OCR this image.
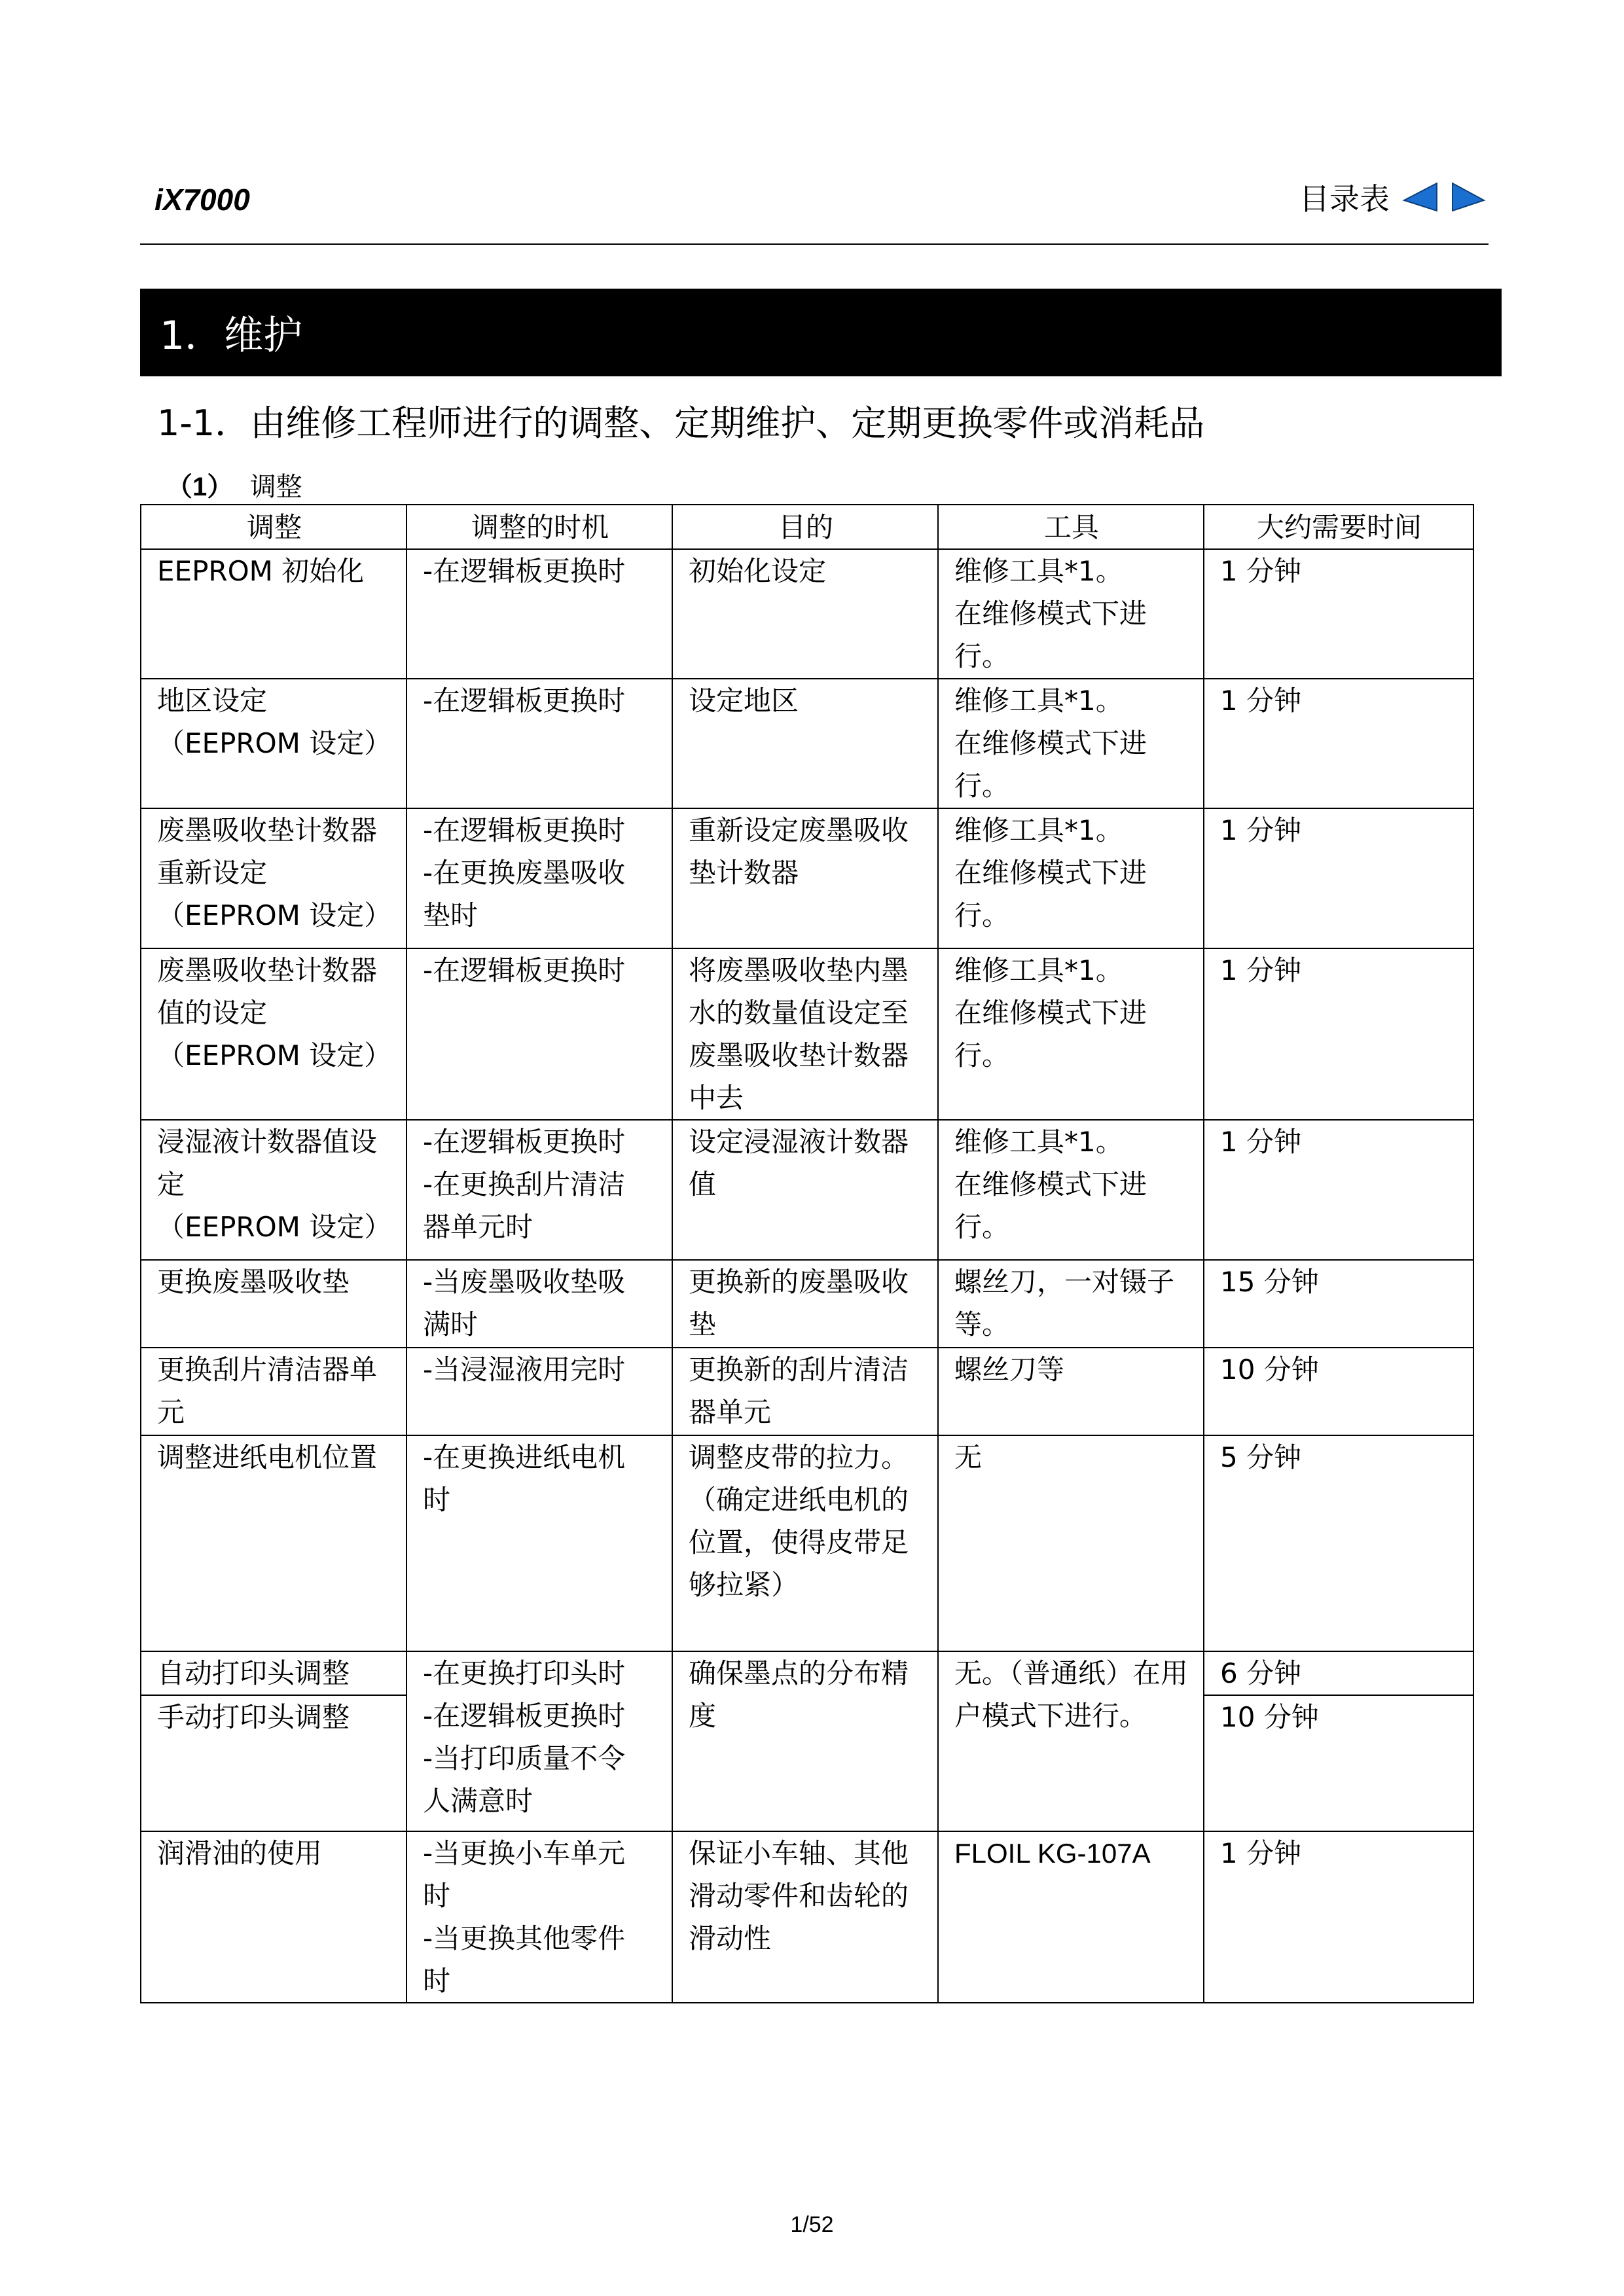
iX7000	目录表
1．维护
1-1．由维修工程师进行的调整、定期维护、定期更换零件或消耗品
（1） 调整
调整	调整的时机	目的	工具	大约需要时间

EEPROM 初始化	-在逻辑板更换时	初始化设定	维修工具*1。
在维修模式下进
行。	1 分钟

地区设定
（EEPROM 设定）	-在逻辑板更换时	设定地区	维修工具*1。
在维修模式下进
行。	1 分钟

废墨吸收垫计数器
重新设定
（EEPROM 设定）	-在逻辑板更换时
-在更换废墨吸收
垫时	重新设定废墨吸收
垫计数器	维修工具*1。
在维修模式下进
行。	1 分钟

废墨吸收垫计数器
值的设定
（EEPROM 设定）	-在逻辑板更换时	将废墨吸收垫内墨
水的数量值设定至
废墨吸收垫计数器
中去	维修工具*1。
在维修模式下进
行。	1 分钟

浸湿液计数器值设
定
（EEPROM 设定）	-在逻辑板更换时
-在更换刮片清洁
器单元时	设定浸湿液计数器
值	维修工具*1。
在维修模式下进
行。	1 分钟

更换废墨吸收垫	-当废墨吸收垫吸
满时	更换新的废墨吸收
垫	螺丝刀，一对镊子
等。	15 分钟

更换刮片清洁器单
元	-当浸湿液用完时	更换新的刮片清洁
器单元	螺丝刀等	10 分钟

调整进纸电机位置	-在更换进纸电机
时	调整皮带的拉力。
（确定进纸电机的
位置，使得皮带足
够拉紧）	无	5 分钟

自动打印头调整	-在更换打印头时
-在逻辑板更换时
-当打印质量不令
人满意时	确保墨点的分布精
度	无。（普通纸）在用
户模式下进行。	6 分钟

手动打印头调整				10 分钟

润滑油的使用	-当更换小车单元
时
-当更换其他零件
时	保证小车轴、其他
滑动零件和齿轮的
滑动性	FLOIL KG-107A	1 分钟
1/52
